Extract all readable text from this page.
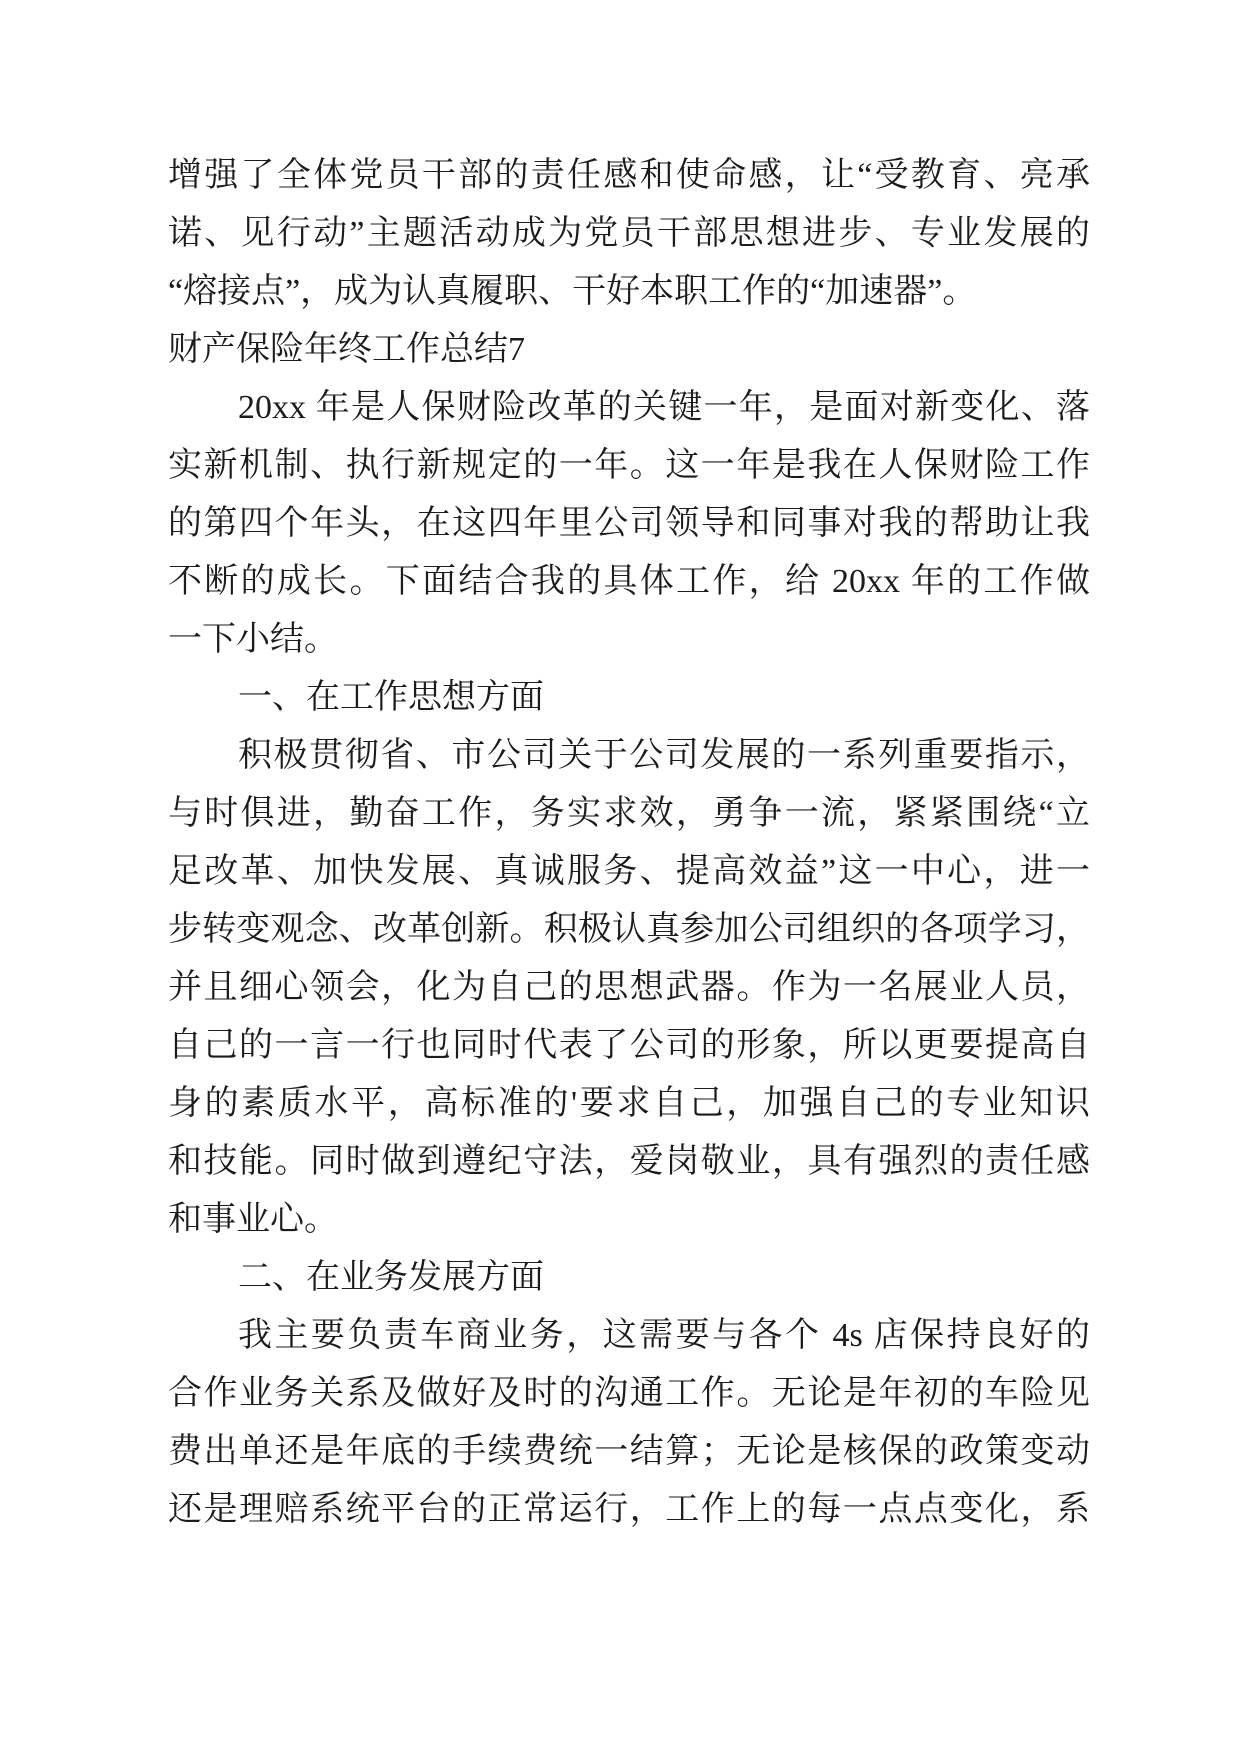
增强了全体党员干部的责任感和使命感，让“受教育、亮承
诺、见行动”主题活动成为党员干部思想进步、专业发展的
“熔接点”，成为认真履职、干好本职工作的“加速器”。
财产保险年终工作总结7
20xx 年是人保财险改革的关键一年，是面对新变化、落
实新机制、执行新规定的一年。这一年是我在人保财险工作
的第四个年头，在这四年里公司领导和同事对我的帮助让我
不断的成长。下面结合我的具体工作，给 20xx 年的工作做
一下小结。
一、在工作思想方面
积极贯彻省、市公司关于公司发展的一系列重要指示，
与时俱进，勤奋工作，务实求效，勇争一流，紧紧围绕“立
足改革、加快发展、真诚服务、提高效益”这一中心，进一
步转变观念、改革创新。积极认真参加公司组织的各项学习，
并且细心领会，化为自己的思想武器。作为一名展业人员，
自己的一言一行也同时代表了公司的形象，所以更要提高自
身的素质水平，高标准的'要求自己，加强自己的专业知识
和技能。同时做到遵纪守法，爱岗敬业，具有强烈的责任感
和事业心。
二、在业务发展方面
我主要负责车商业务，这需要与各个 4s 店保持良好的
合作业务关系及做好及时的沟通工作。无论是年初的车险见
费出单还是年底的手续费统一结算；无论是核保的政策变动
还是理赔系统平台的正常运行，工作上的每一点点变化，系
